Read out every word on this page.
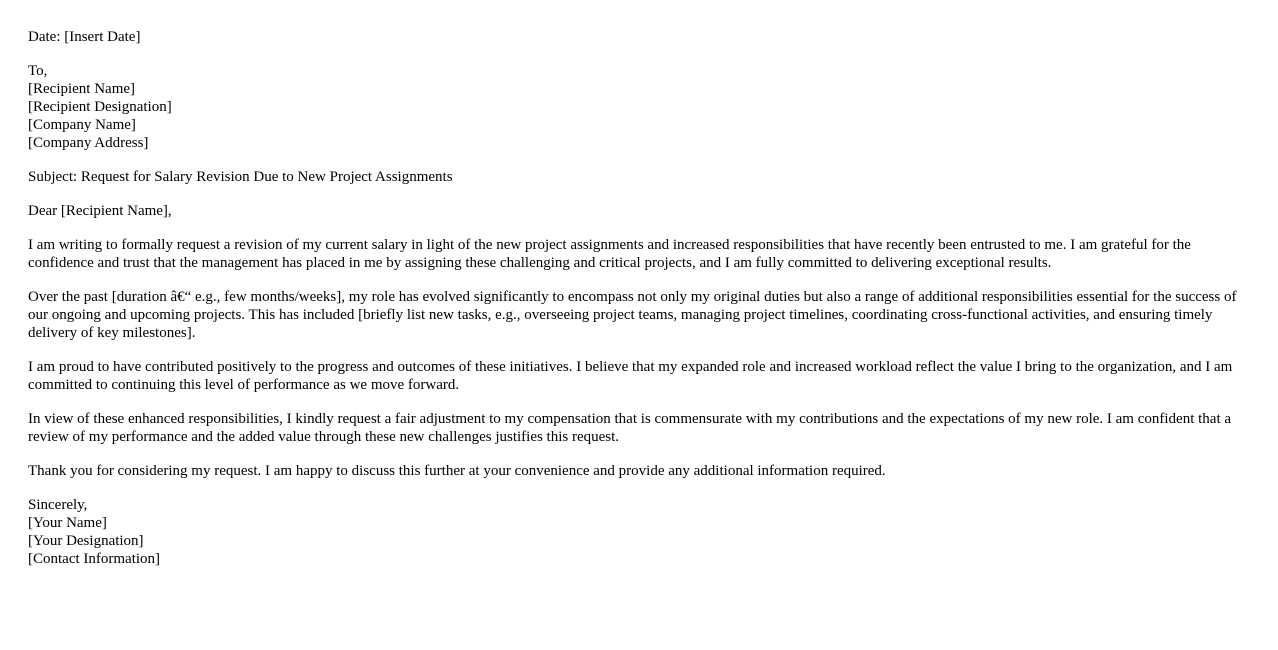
Date: [Insert Date]
To,
[Recipient Name]
[Recipient Designation]
[Company Name]
[Company Address]
Subject: Request for Salary Revision Due to New Project Assignments
Dear [Recipient Name],

I am writing to formally request a revision of my current salary in light of the new project assignments and increased responsibilities that have recently been entrusted to me. I am grateful for the confidence and trust that the management has placed in me by assigning these challenging and critical projects, and I am fully committed to delivering exceptional results.

Over the past [duration â€“ e.g., few months/weeks], my role has evolved significantly to encompass not only my original duties but also a range of additional responsibilities essential for the success of our ongoing and upcoming projects. This has included [briefly list new tasks, e.g., overseeing project teams, managing project timelines, coordinating cross-functional activities, and ensuring timely delivery of key milestones].

I am proud to have contributed positively to the progress and outcomes of these initiatives. I believe that my expanded role and increased workload reflect the value I bring to the organization, and I am committed to continuing this level of performance as we move forward.

In view of these enhanced responsibilities, I kindly request a fair adjustment to my compensation that is commensurate with my contributions and the expectations of my new role. I am confident that a review of my performance and the added value through these new challenges justifies this request.

Thank you for considering my request. I am happy to discuss this further at your convenience and provide any additional information required.

Sincerely,
[Your Name]
[Your Designation]
[Contact Information]
